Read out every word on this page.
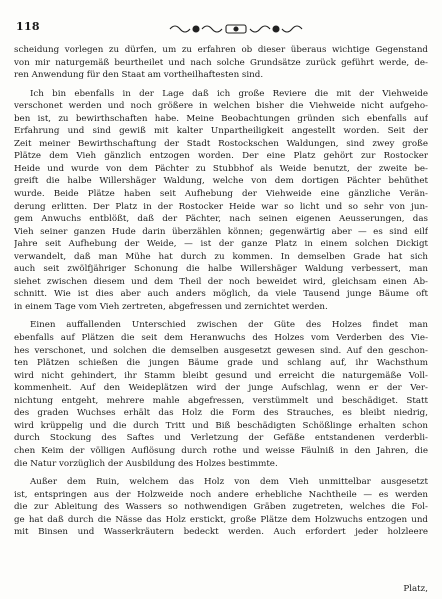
118
scheidung vorlegen zu dürfen, um zu erfahren ob dieser überaus wichtige Gegenstand
von mir naturgemäß beurtheilet und nach solche Grundsätze zurück geführt werde, de-
ren Anwendung für den Staat am vortheilhaftesten sind.
Ich bin ebenfalls in der Lage daß ich große Reviere die mit der Viehweide
verschonet werden und noch größere in welchen bisher die Viehweide nicht aufgeho-
ben ist, zu bewirthschaften habe. Meine Beobachtungen gründen sich ebenfalls auf
Erfahrung und sind gewiß mit kalter Unpartheiligkeit angestellt worden. Seit der
Zeit meiner Bewirthschaftung der Stadt Rostockschen Waldungen, sind zwey große
Plätze dem Vieh gänzlich entzogen worden. Der eine Platz gehört zur Rostocker
Heide und wurde von dem Pächter zu Stubbhof als Weide benutzt, der zweite be-
greift die halbe Willershäger Waldung, welche von dem dortigen Pächter behüthet
wurde. Beide Plätze haben seit Aufhebung der Viehweide eine gänzliche Verän-
derung erlitten. Der Platz in der Rostocker Heide war so licht und so sehr von jun-
gem Anwuchs entblößt, daß der Pächter, nach seinen eigenen Aeusserungen, das
Vieh seiner ganzen Hude darin überzählen können; gegenwärtig aber — es sind eilf
Jahre seit Aufhebung der Weide, — ist der ganze Platz in einem solchen Dickigt
verwandelt, daß man Mühe hat durch zu kommen. In demselben Grade hat sich
auch seit zwölfjähriger Schonung die halbe Willershäger Waldung verbessert, man
siehet zwischen diesem und dem Theil der noch beweidet wird, gleichsam einen Ab-
schnitt. Wie ist dies aber auch anders möglich, da viele Tausend junge Bäume oft
in einem Tage vom Vieh zertreten, abgefressen und zernichtet werden.
Einen auffallenden Unterschied zwischen der Güte des Holzes findet man
ebenfalls auf Plätzen die seit dem Heranwuchs des Holzes vom Verderben des Vie-
hes verschonet, und solchen die demselben ausgesetzt gewesen sind. Auf den geschon-
ten Plätzen schießen die jungen Bäume grade und schlang auf, ihr Wachsthum
wird nicht gehindert, ihr Stamm bleibt gesund und erreicht die naturgemäße Voll-
kommenheit. Auf den Weideplätzen wird der junge Aufschlag, wenn er der Ver-
nichtung entgeht, mehrere mahle abgefressen, verstümmelt und beschädiget. Statt
des graden Wuchses erhält das Holz die Form des Strauches, es bleibt niedrig,
wird krüppelig und die durch Tritt und Biß beschädigten Schößlinge erhalten schon
durch Stockung des Saftes und Verletzung der Gefäße entstandenen verderbli-
chen Keim der völligen Auflösung durch rothe und weisse Fäulniß in den Jahren, die
die Natur vorzüglich der Ausbildung des Holzes bestimmte.
Außer dem Ruin, welchem das Holz von dem Vieh unmittelbar ausgesetzt
ist, entspringen aus der Holzweide noch andere erhebliche Nachtheile — es werden
die zur Ableitung des Wassers so nothwendigen Gräben zugetreten, welches die Fol-
ge hat daß durch die Nässe das Holz erstickt, große Plätze dem Holzwuchs entzogen und
mit Binsen und Wasserkräutern bedeckt werden. Auch erfordert jeder holzleere
Platz,
